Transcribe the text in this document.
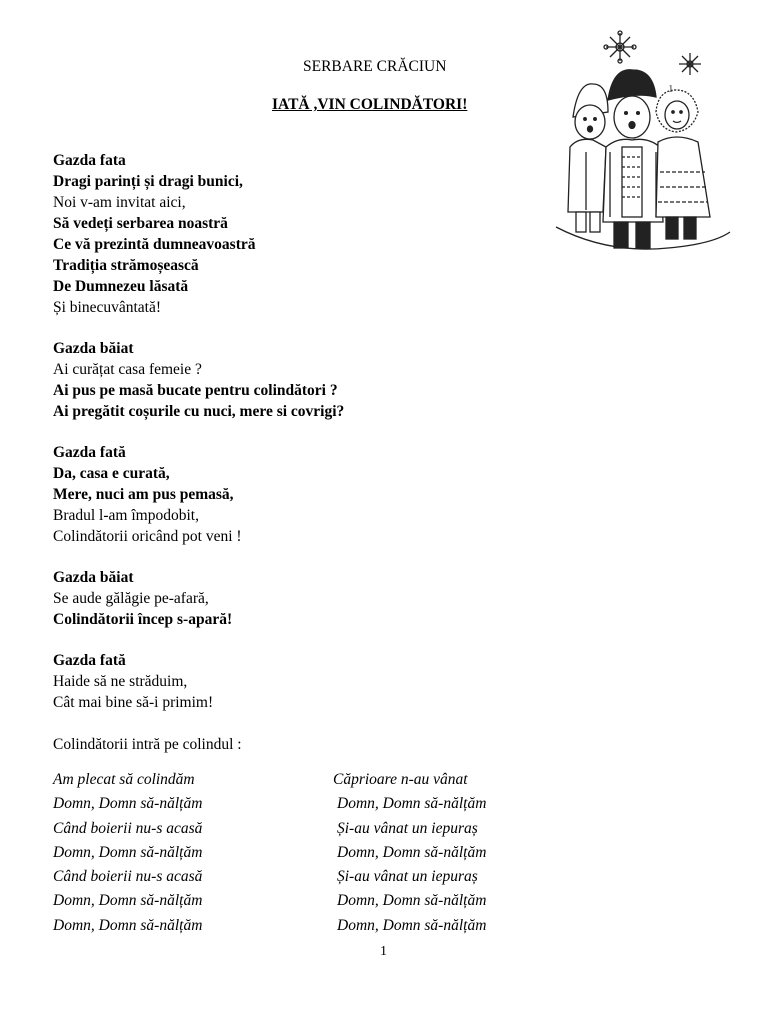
1
SERBARE CRĂCIUN
IATĂ ,VIN COLINDĂTORI!
Gazda fata
Dragi parinți și dragi bunici,
Noi v-am invitat aici,
Să vedeți serbarea noastră
Ce vă prezintă dumneavoastră
Tradiția strămoșească
De Dumnezeu lăsată
Și binecuvântată!
Gazda băiat
Ai curățat casa femeie ?
Ai pus pe masă bucate pentru colindători ?
Ai pregătit coșurile cu nuci, mere si covrigi?
Gazda fată
Da, casa e curată,
Mere, nuci am pus pemasă,
Bradul l-am împodobit,
Colindătorii oricând pot veni !
Gazda băiat
Se aude gălăgie pe-afară,
Colindătorii încep s-apară!
Gazda fată
Haide să ne străduim,
Cât mai bine să-i primim!
Colindătorii intră pe colindul :
Am plecat să colindăm
Domn, Domn să-nălțăm
Când boierii nu-s acasă
Domn, Domn să-nălțăm
Când boierii nu-s acasă
Domn, Domn să-nălțăm
Domn, Domn să-nălțăm
Căprioare n-au vânat
Domn, Domn să-nălțăm
Și-au vânat un iepuraș
Domn, Domn să-nălțăm
Și-au vânat un iepuraș
Domn, Domn să-nălțăm
Domn, Domn să-nălțăm
1
